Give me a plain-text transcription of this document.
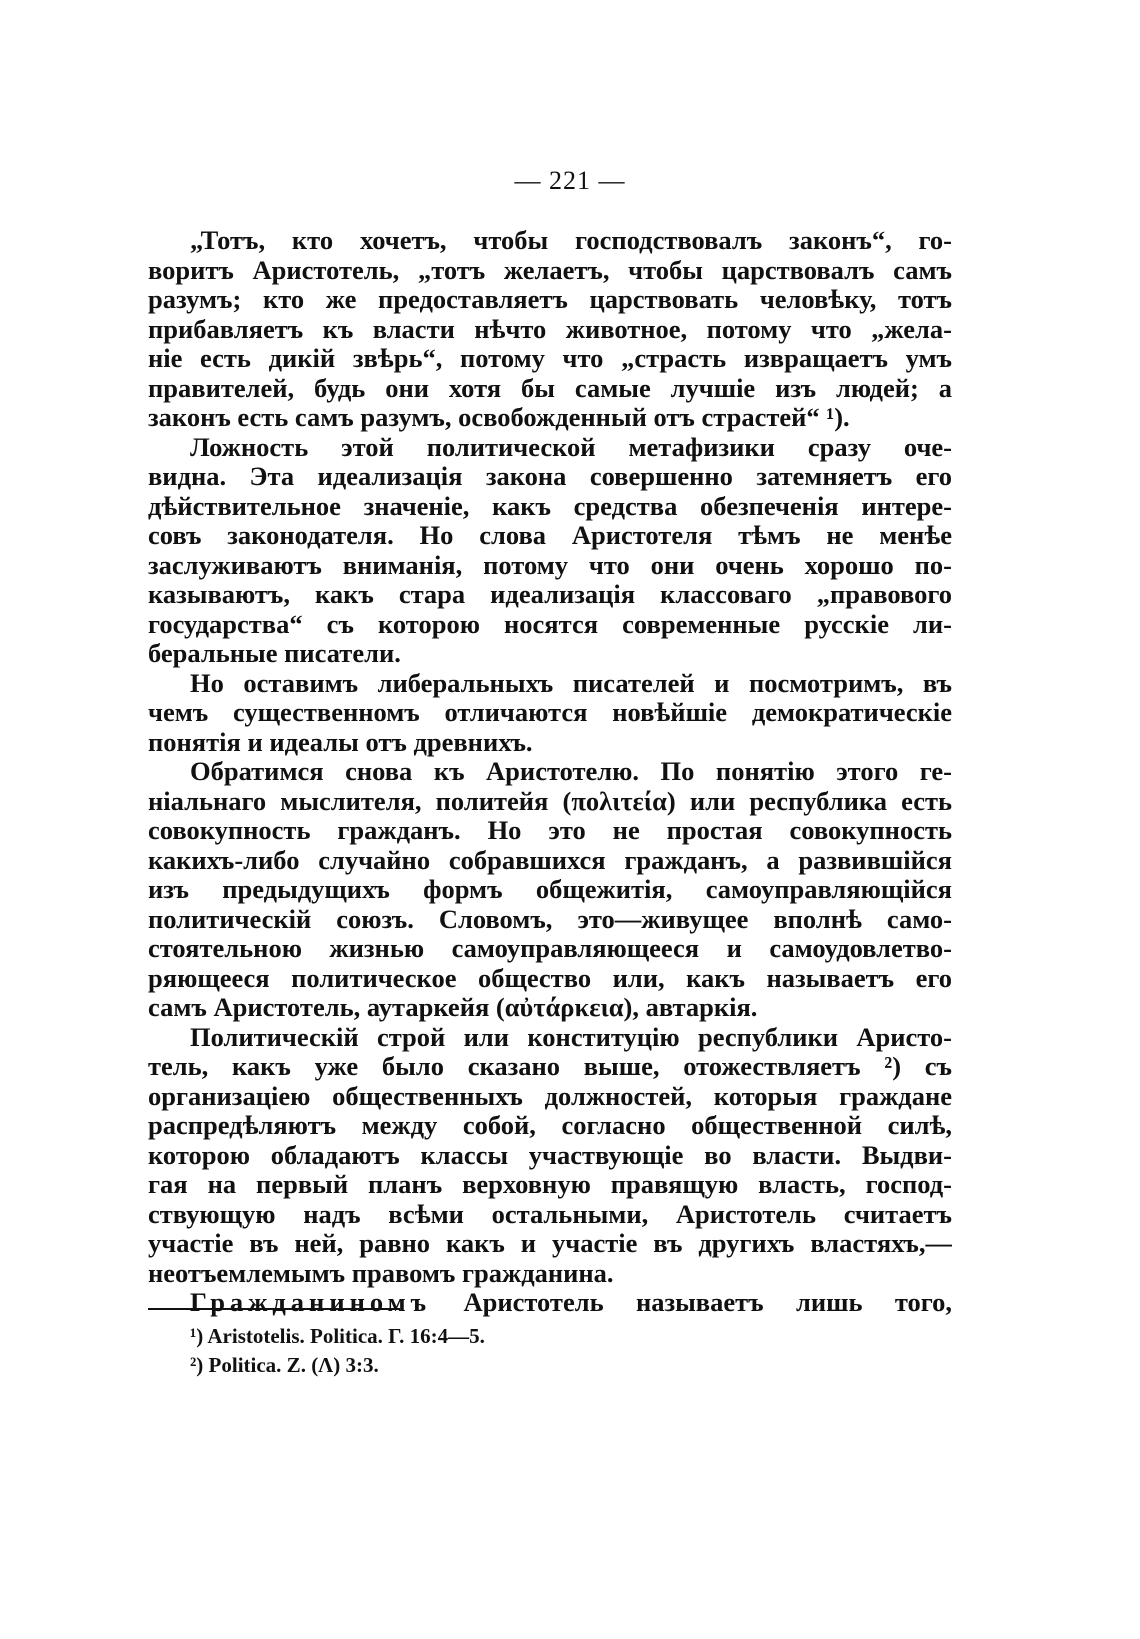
— 221 —

„Тотъ, кто хочетъ, чтобы господствовалъ законъ“, го-
воритъ Аристотель, „тотъ желаетъ, чтобы царствовалъ самъ
разумъ; кто же предоставляетъ царствовать человѣку, тотъ
прибавляетъ къ власти нѣчто животное, потому что „жела-
ніе есть дикій звѣрь“, потому что „страсть извращаетъ умъ
правителей, будь они хотя бы самые лучшіе изъ людей; а
законъ есть самъ разумъ, освобожденный отъ страстей“ ¹).

Ложность этой политической метафизики сразу оче-
видна. Эта идеализація закона совершенно затемняетъ его
дѣйствительное значеніе, какъ средства обезпеченія интере-
совъ законодателя. Но слова Аристотеля тѣмъ не менѣе
заслуживаютъ вниманія, потому что они очень хорошо по-
казываютъ, какъ стара идеализація классоваго „правового
государства“ съ которою носятся современные русскіе ли-
беральные писатели.

Но оставимъ либеральныхъ писателей и посмотримъ, въ
чемъ существенномъ отличаются новѣйшіе демократическіе
понятія и идеалы отъ древнихъ.

Обратимся снова къ Аристотелю. По понятію этого ге-
ніальнаго мыслителя, политейя (πολιτεία) или республика есть
совокупность гражданъ. Но это не простая совокупность
какихъ-либо случайно собравшихся гражданъ, а развившійся
изъ предыдущихъ формъ общежитія, самоуправляющійся
политическій союзъ. Словомъ, это—живущее вполнѣ само-
стоятельною жизнью самоуправляющееся и самоудовлетво-
ряющееся политическое общество или, какъ называетъ его
самъ Аристотель, аутаркейя (αὐτάρκεια), автаркія.

Политическій строй или конституцію республики Аристо-
тель, какъ уже было сказано выше, отожествляетъ ²) съ
организаціею общественныхъ должностей, которыя граждане
распредѣляютъ между собой, согласно общественной силѣ,
которою обладаютъ классы участвующіе во власти. Выдви-
гая на первый планъ верховную правящую власть, господ-
ствующую надъ всѣми остальными, Аристотель считаетъ
участіе въ ней, равно какъ и участіе въ другихъ властяхъ,—
неотъемлемымъ правомъ гражданина.

Гражданиномъ Аристотель называетъ лишь того,

¹) Aristotelis. Politica. Г. 16:4—5.
²) Politica. Z. (Λ) 3:3.
